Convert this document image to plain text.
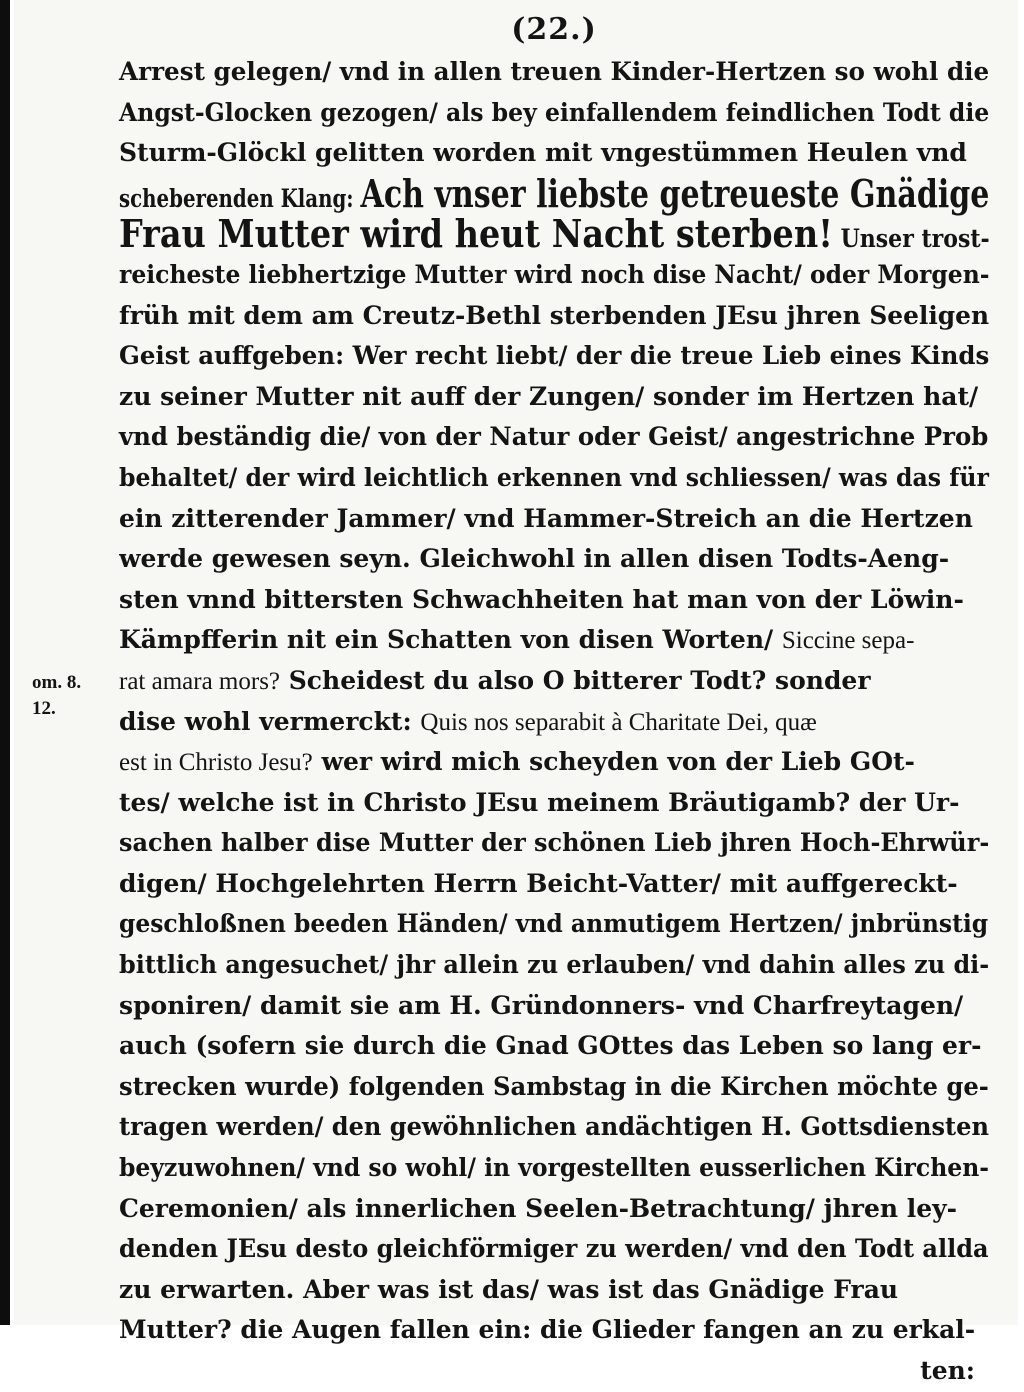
(22.)
om. 8.
12.
Arrest gelegen/ vnd in allen treuen Kinder-Hertzen so wohl die
Angst-Glocken gezogen/ als bey einfallendem feindlichen Todt die
Sturm-Glöckl gelitten worden mit vngestümmen Heulen vnd
scheberenden Klang: Ach vnser liebste getreueste Gnädige
Frau Mutter wird heut Nacht sterben! Unser trost-
reicheste liebhertzige Mutter wird noch dise Nacht/ oder Morgen-
früh mit dem am Creutz-Bethl sterbenden JEsu jhren Seeligen
Geist auffgeben: Wer recht liebt/ der die treue Lieb eines Kinds
zu seiner Mutter nit auff der Zungen/ sonder im Hertzen hat/
vnd beständig die/ von der Natur oder Geist/ angestrichne Prob
behaltet/ der wird leichtlich erkennen vnd schliessen/ was das für
ein zitterender Jammer/ vnd Hammer-Streich an die Hertzen
werde gewesen seyn. Gleichwohl in allen disen Todts-Aeng-
sten vnnd bittersten Schwachheiten hat man von der Löwin-
Kämpfferin nit ein Schatten von disen Worten/ Siccine sepa-
rat amara mors? Scheidest du also O bitterer Todt? sonder
dise wohl vermerckt: Quis nos separabit à Charitate Dei, quæ
est in Christo Jesu? wer wird mich scheyden von der Lieb GOt-
tes/ welche ist in Christo JEsu meinem Bräutigamb? der Ur-
sachen halber dise Mutter der schönen Lieb jhren Hoch-Ehrwür-
digen/ Hochgelehrten Herrn Beicht-Vatter/ mit auffgereckt-
geschloßnen beeden Händen/ vnd anmutigem Hertzen/ jnbrünstig
bittlich angesuchet/ jhr allein zu erlauben/ vnd dahin alles zu di-
sponiren/ damit sie am H. Gründonners- vnd Charfreytagen/
auch (sofern sie durch die Gnad GOttes das Leben so lang er-
strecken wurde) folgenden Sambstag in die Kirchen möchte ge-
tragen werden/ den gewöhnlichen andächtigen H. Gottsdiensten
beyzuwohnen/ vnd so wohl/ in vorgestellten eusserlichen Kirchen-
Ceremonien/ als innerlichen Seelen-Betrachtung/ jhren ley-
denden JEsu desto gleichförmiger zu werden/ vnd den Todt allda
zu erwarten. Aber was ist das/ was ist das Gnädige Frau
Mutter? die Augen fallen ein: die Glieder fangen an zu erkal-
ten:
